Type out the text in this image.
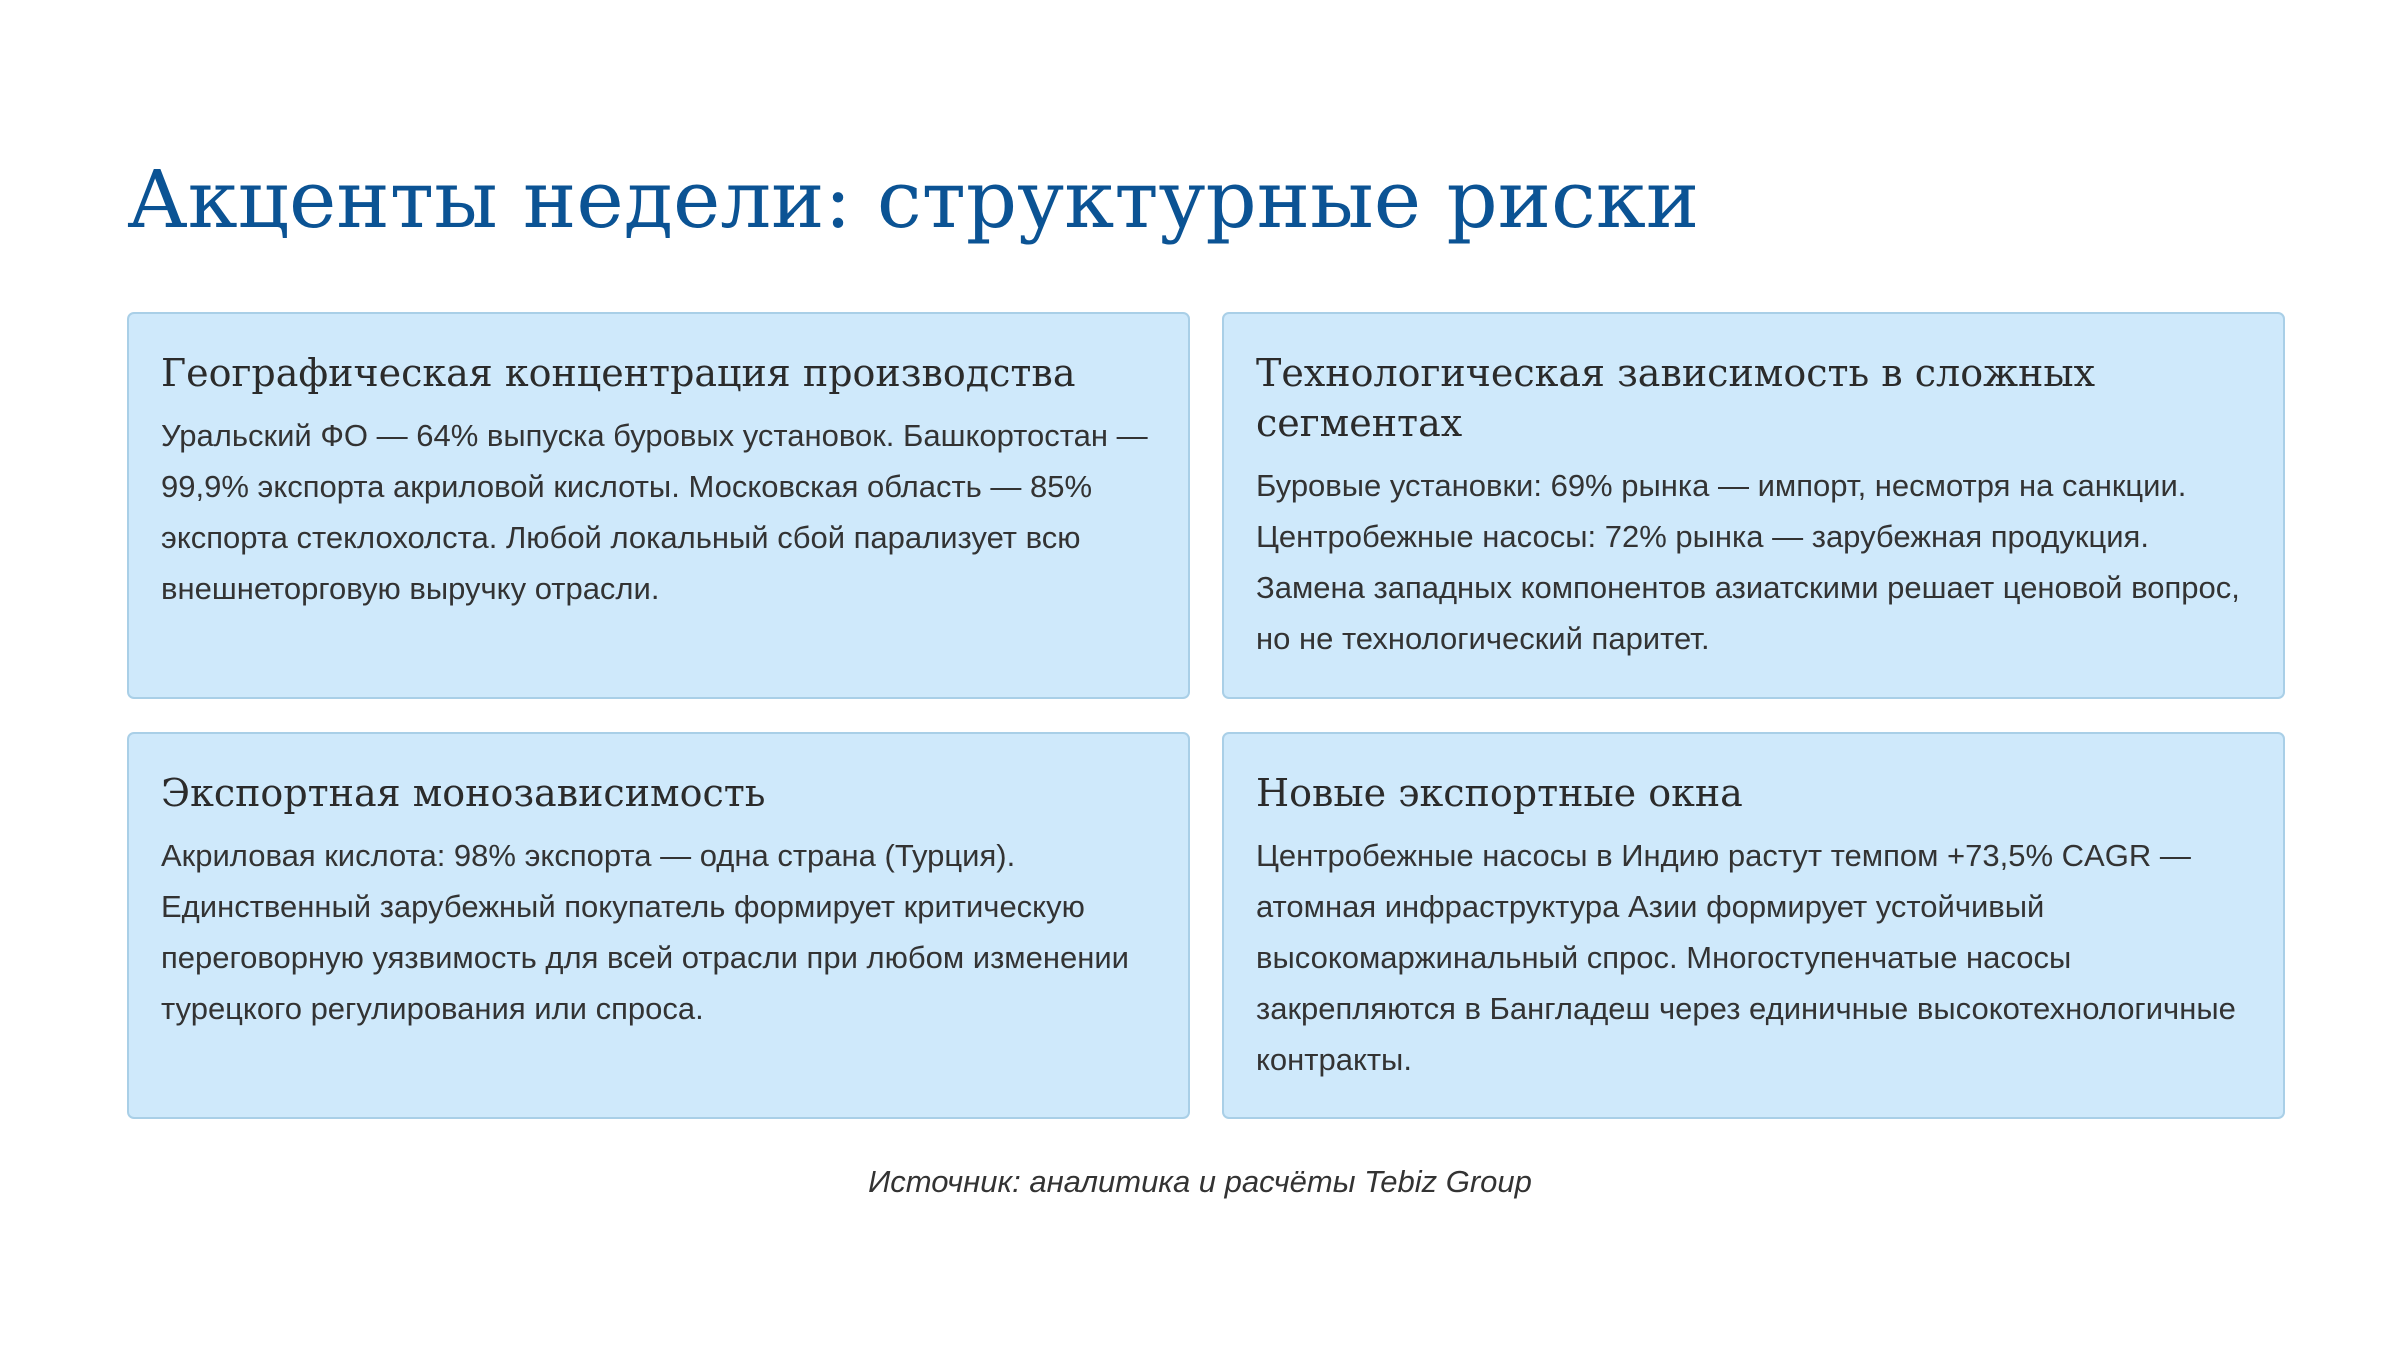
Акценты недели: структурные риски
Географическая концентрация производства

Уральский ФО — 64% выпуска буровых установок. Башкортостан — 99,9% экспорта акриловой кислоты. Московская область — 85% экспорта стеклохолста. Любой локальный сбой парализует всю внешнеторговую выручку отрасли.

Технологическая зависимость в сложных сегментах

Буровые установки: 69% рынка — импорт, несмотря на санкции. Центробежные насосы: 72% рынка — зарубежная продукция. Замена западных компонентов азиатскими решает ценовой вопрос, но не технологический паритет.

Экспортная монозависимость

Акриловая кислота: 98% экспорта — одна страна (Турция). Единственный зарубежный покупатель формирует критическую переговорную уязвимость для всей отрасли при любом изменении турецкого регулирования или спроса.

Новые экспортные окна

Центробежные насосы в Индию растут темпом +73,5% CAGR — атомная инфраструктура Азии формирует устойчивый высокомаржинальный спрос. Многоступенчатые насосы закрепляются в Бангладеш через единичные высокотехнологичные контракты.

Источник: аналитика и расчёты Tebiz Group
